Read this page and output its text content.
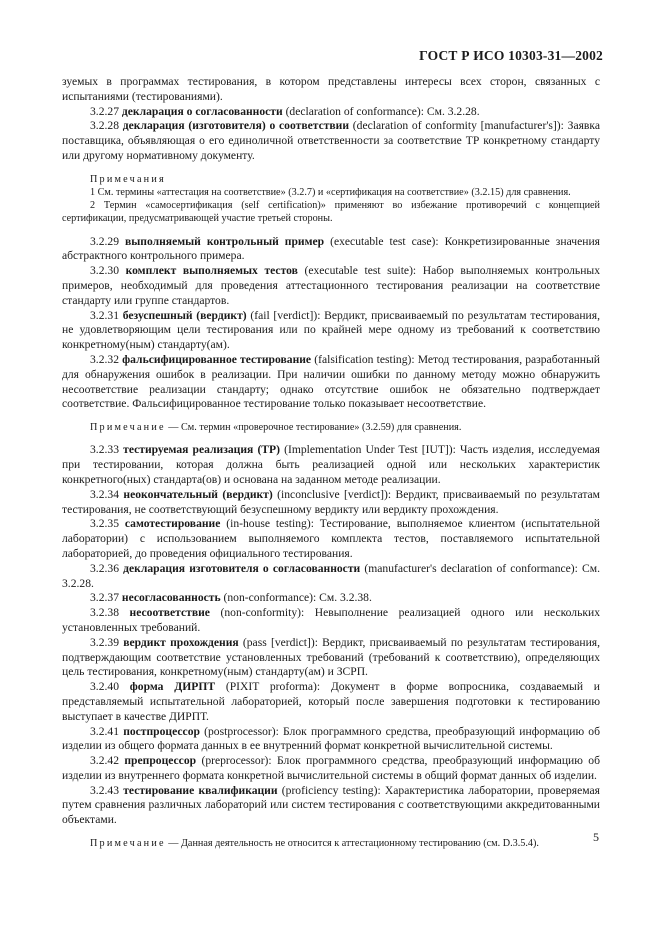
ГОСТ Р ИСО 10303-31—2002

зуемых в программах тестирования, в котором представлены интересы всех сторон, связанных с испытаниями (тестированиями).

3.2.27 декларация о согласованности (declaration of conformance): См. 3.2.28.

3.2.28 декларация (изготовителя) о соответствии (declaration of conformity [manufacturer's]): Заявка поставщика, объявляющая о его единоличной ответственности за соответствие ТР конкретному стандарту или другому нормативному документу.

Примечания

1 См. термины «аттестация на соответствие» (3.2.7) и «сертификация на соответствие» (3.2.15) для сравнения.

2 Термин «самосертификация (self certification)» применяют во избежание противоречий с концепцией сертификации, предусматривающей участие третьей стороны.

3.2.29 выполняемый контрольный пример (executable test case): Конкретизированные значения абстрактного контрольного примера.

3.2.30 комплект выполняемых тестов (executable test suite): Набор выполняемых контрольных примеров, необходимый для проведения аттестационного тестирования реализации на соответствие стандарту или группе стандартов.

3.2.31 безуспешный (вердикт) (fail [verdict]): Вердикт, присваиваемый по результатам тестирования, не удовлетворяющим цели тестирования или по крайней мере одному из требований к соответствию конкретному(ным) стандарту(ам).

3.2.32 фальсифицированное тестирование (falsification testing): Метод тестирования, разработанный для обнаружения ошибок в реализации. При наличии ошибки по данному методу можно обнаружить несоответствие реализации стандарту; однако отсутствие ошибок не обязательно подтверждает соответствие. Фальсифицированное тестирование только показывает несоответствие.

Примечание — См. термин «проверочное тестирование» (3.2.59) для сравнения.

3.2.33 тестируемая реализация (ТР) (Implementation Under Test [IUT]): Часть изделия, исследуемая при тестировании, которая должна быть реализацией одной или нескольких характеристик конкретного(ных) стандарта(ов) и основана на заданном методе реализации.

3.2.34 неокончательный (вердикт) (inconclusive [verdict]): Вердикт, присваиваемый по результатам тестирования, не соответствующий безуспешному вердикту или вердикту прохождения.

3.2.35 самотестирование (in-house testing): Тестирование, выполняемое клиентом (испытательной лаборатории) с использованием выполняемого комплекта тестов, поставляемого испытательной лабораторией, до проведения официального тестирования.

3.2.36 декларация изготовителя о согласованности (manufacturer's declaration of conformance): См. 3.2.28.

3.2.37 несогласованность (non-conformance): См. 3.2.38.

3.2.38 несоответствие (non-conformity): Невыполнение реализацией одного или нескольких установленных требований.

3.2.39 вердикт прохождения (pass [verdict]): Вердикт, присваиваемый по результатам тестирования, подтверждающим соответствие установленных требований (требований к соответствию), определяющих цель тестирования, конкретному(ным) стандарту(ам) и ЗСРП.

3.2.40 форма ДИРПТ (PIXIT proforma): Документ в форме вопросника, создаваемый и представляемый испытательной лабораторией, который после завершения подготовки к тестированию выступает в качестве ДИРПТ.

3.2.41 постпроцессор (postprocessor): Блок программного средства, преобразующий информацию об изделии из общего формата данных в ее внутренний формат конкретной вычислительной системы.

3.2.42 препроцессор (preprocessor): Блок программного средства, преобразующий информацию об изделии из внутреннего формата конкретной вычислительной системы в общий формат данных об изделии.

3.2.43 тестирование квалификации (proficiency testing): Характеристика лаборатории, проверяемая путем сравнения различных лабораторий или систем тестирования с соответствующими аккредитованными объектами.

Примечание — Данная деятельность не относится к аттестационному тестированию (см. D.3.5.4).	5
